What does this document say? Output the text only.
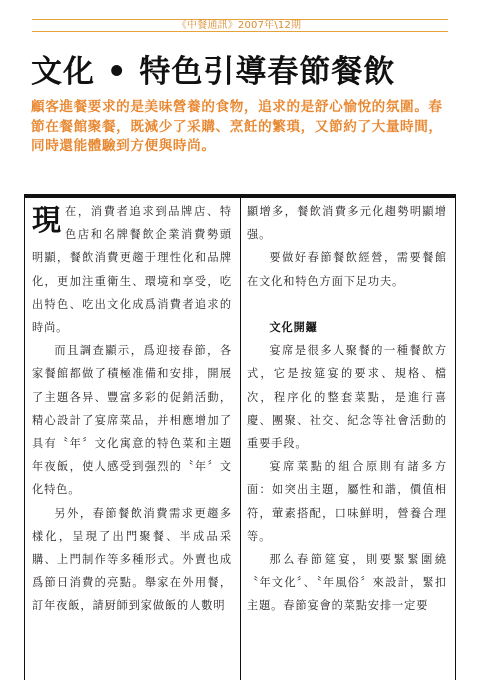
《中餐通訊》2007年\12期
文化 • 特色引導春節餐飲
顧客進餐要求的是美味營養的食物，追求的是舒心愉悅的氛圍。春節在餐館聚餐，既減少了采購、烹飪的繁瑣，又節約了大量時間，同時還能體驗到方便與時尚。

現在，消費者追求到品牌店、特色店和名牌餐飲企業消費勢頭明顯，餐飲消費更趨于理性化和品牌化，更加注重衛生、環境和享受，吃出特色、吃出文化成爲消費者追求的時尚。

而且調查顯示，爲迎接春節，各家餐館都做了積極准備和安排，開展了主題各异、豐富多彩的促銷活動，精心設計了宴席菜品，并相應增加了具有〝年〞文化寓意的特色菜和主題年夜飯，使人感受到强烈的〝年〞文化特色。

另外，春節餐飲消費需求更趨多樣化，呈現了出門聚餐、半成品采購、上門制作等多種形式。外賣也成爲節日消費的亮點。舉家在外用餐，訂年夜飯，請厨師到家做飯的人數明

顯增多，餐飲消費多元化趨勢明顯增强。

要做好春節餐飲經營，需要餐館在文化和特色方面下足功夫。

文化開鑼

宴席是很多人聚餐的一種餐飲方式，它是按筵宴的要求、規格、檔次，程序化的整套菜點，是進行喜慶、團聚、社交、紀念等社會活動的重要手段。

宴席菜點的組合原則有諸多方面：如突出主題，屬性和諧，價值相符，葷素搭配，口味鮮明，營養合理等。

那么春節筵宴，則要緊緊圍繞〝年文化〞、〝年風俗〞來設計，緊扣主題。春節宴會的菜點安排一定要
